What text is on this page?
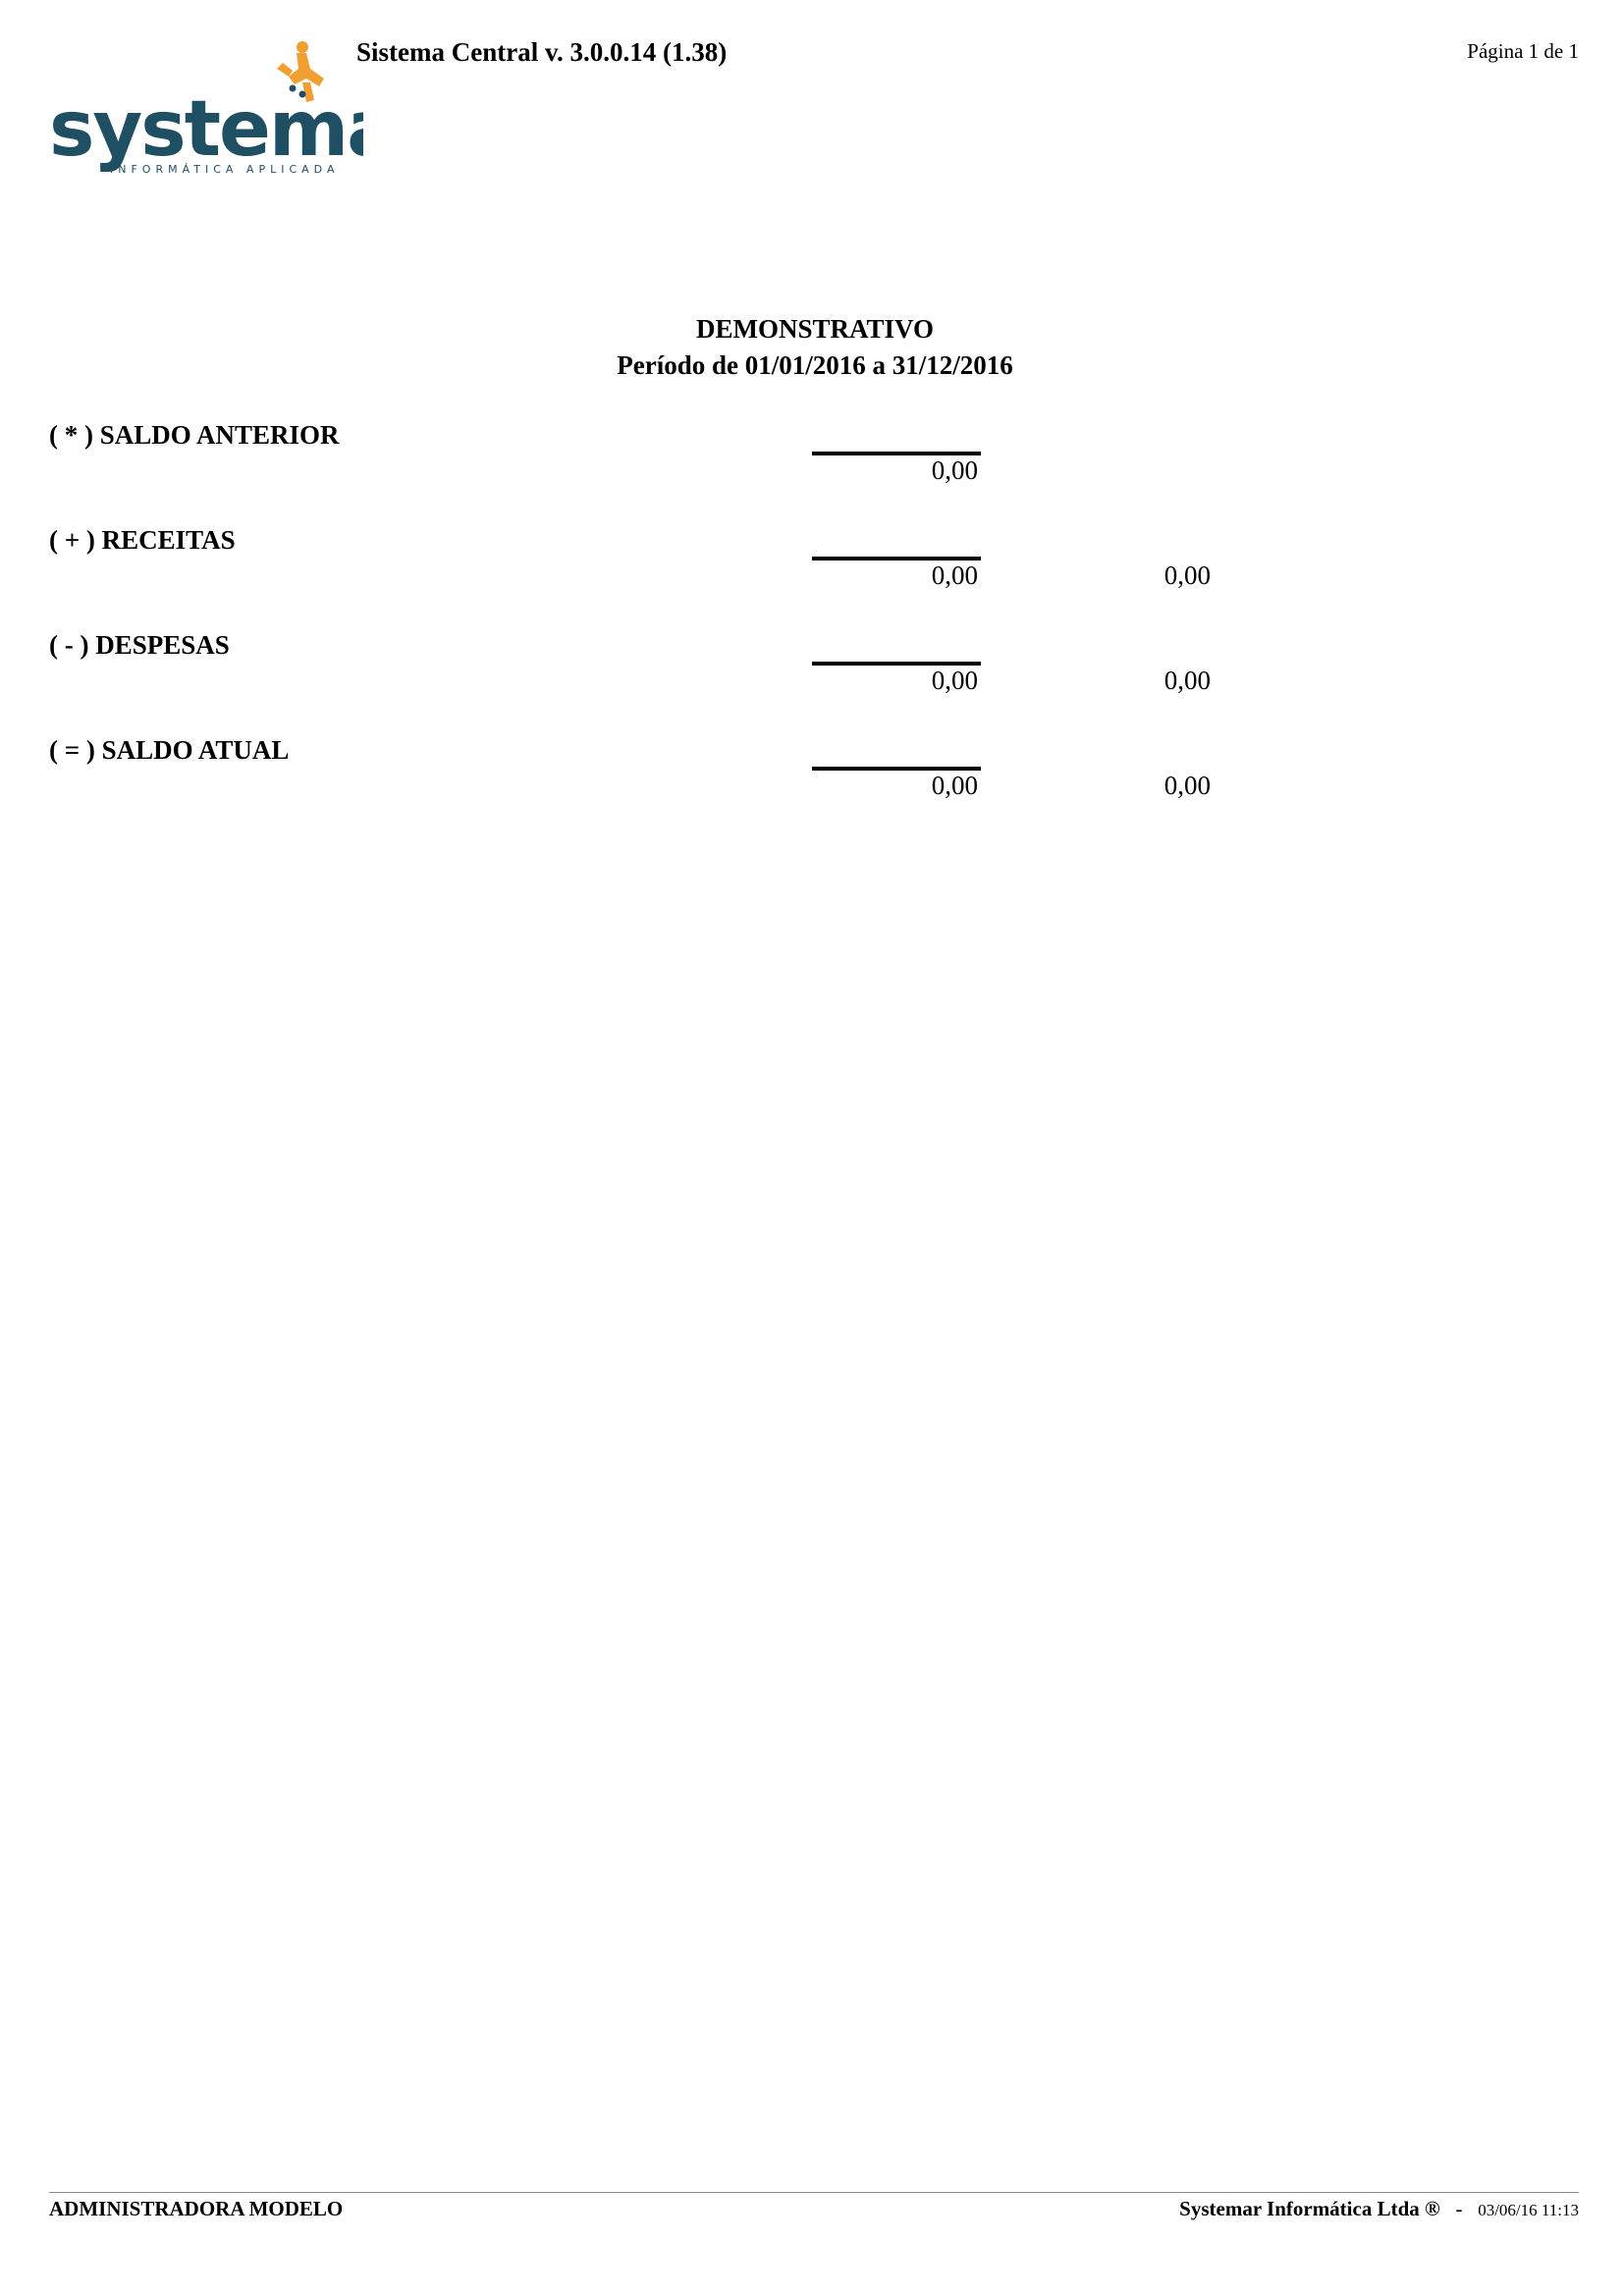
system
INFORMÁTICA APLICADA
Sistema Central v. 3.0.0.14 (1.38)	Página 1 de 1
DEMONSTRATIVO
Período de 01/01/2016 a 31/12/2016
( * ) SALDO ANTERIOR
0,00
( + ) RECEITAS
0,00	0,00
( - ) DESPESAS
0,00	0,00
( = ) SALDO ATUAL
0,00	0,00
ADMINISTRADORA MODELO	Systemar Informática Ltda ®   -   03/06/16 11:13
